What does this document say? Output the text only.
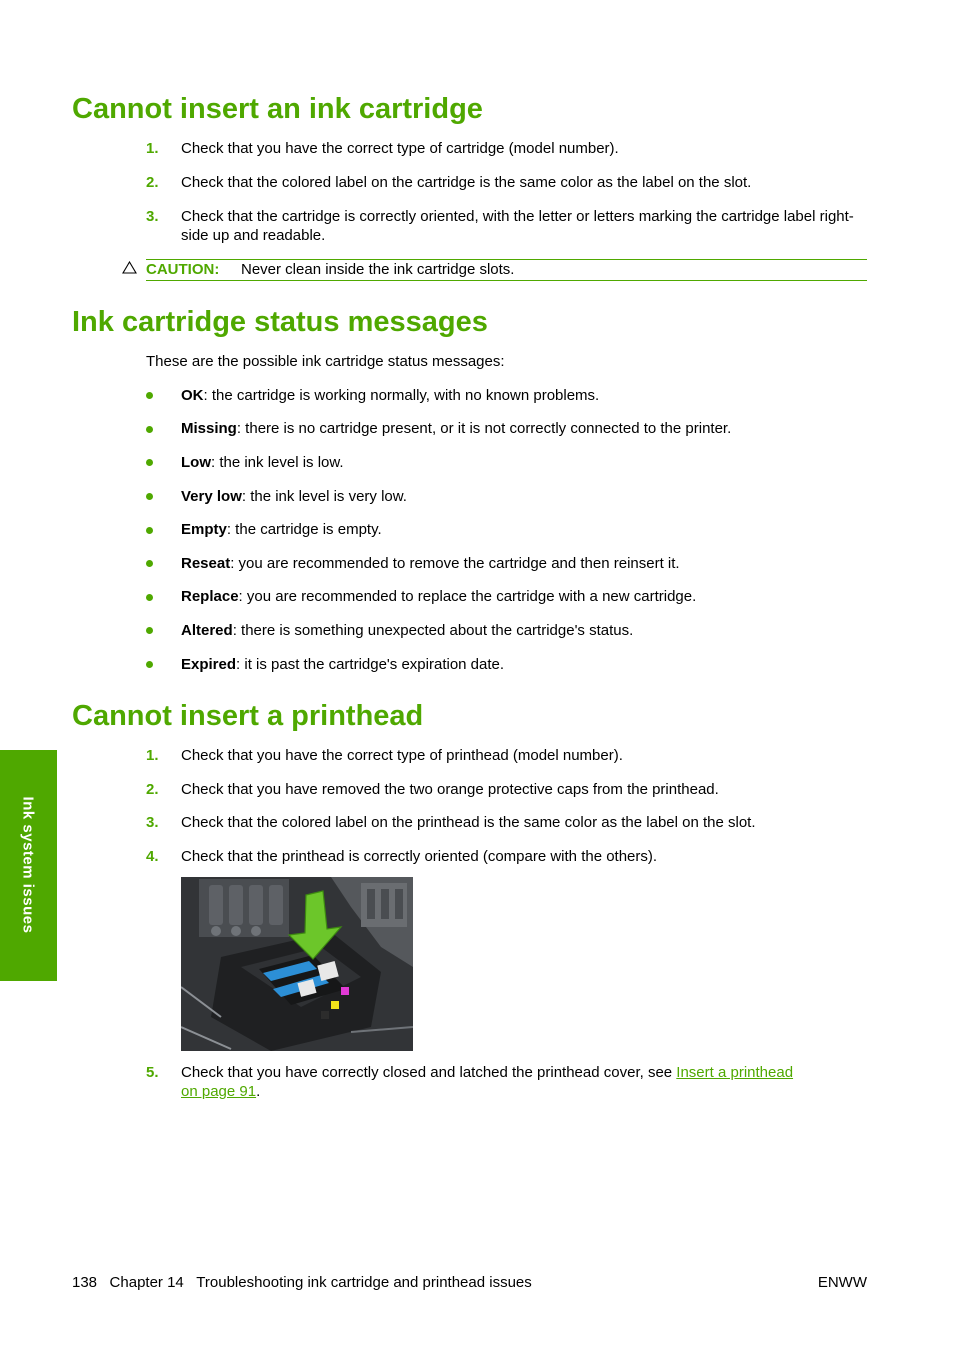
Cannot insert an ink cartridge
1. Check that you have the correct type of cartridge (model number).
2. Check that the colored label on the cartridge is the same color as the label on the slot.
3. Check that the cartridge is correctly oriented, with the letter or letters marking the cartridge label right-side up and readable.
CAUTION: Never clean inside the ink cartridge slots.
Ink cartridge status messages
These are the possible ink cartridge status messages:
OK: the cartridge is working normally, with no known problems.
Missing: there is no cartridge present, or it is not correctly connected to the printer.
Low: the ink level is low.
Very low: the ink level is very low.
Empty: the cartridge is empty.
Reseat: you are recommended to remove the cartridge and then reinsert it.
Replace: you are recommended to replace the cartridge with a new cartridge.
Altered: there is something unexpected about the cartridge's status.
Expired: it is past the cartridge's expiration date.
Cannot insert a printhead
1. Check that you have the correct type of printhead (model number).
2. Check that you have removed the two orange protective caps from the printhead.
3. Check that the colored label on the printhead is the same color as the label on the slot.
4. Check that the printhead is correctly oriented (compare with the others).
5. Check that you have correctly closed and latched the printhead cover, see Insert a printhead
on page 91.
Ink system issues
138 Chapter 14 Troubleshooting ink cartridge and printhead issues	ENWW
